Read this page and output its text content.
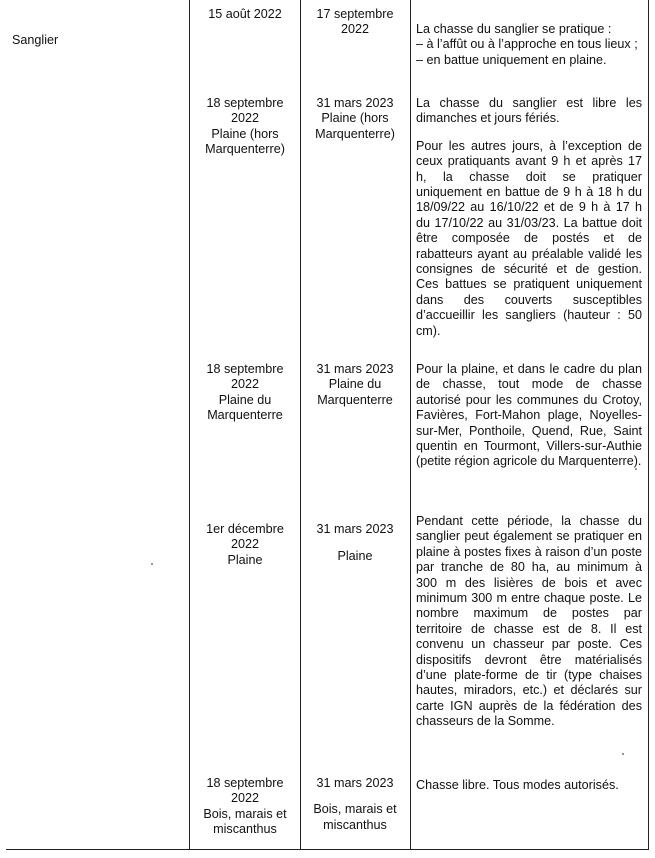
Sanglier
15 août 2022	17 septembre
2022	La chasse du sanglier se pratique :
– à l’affût ou à l’approche en tous lieux ;
– en battue uniquement en plaine.
18 septembre
2022
Plaine (hors
Marquenterre)
31 mars 2023
Plaine (hors
Marquenterre)

La chasse du sanglier est libre les dimanches et jours fériés.

Pour les autres jours, à l’exception de ceux pratiquants avant 9 h et après 17 h, la chasse doit se pratiquer uniquement en battue de 9 h à 18 h du 18/09/22 au 16/10/22 et de 9 h à 17 h du 17/10/22 au 31/03/23. La battue doit être composée de postés et de rabatteurs ayant au préalable validé les consignes de sécurité et de gestion. Ces battues se pratiquent uniquement dans des couverts susceptibles d’accueillir les sangliers (hauteur : 50 cm).

18 septembre
2022
Plaine du
Marquenterre
31 mars 2023
Plaine du
Marquenterre

Pour la plaine, et dans le cadre du plan de chasse, tout mode de chasse autorisé pour les communes du Crotoy, Favières, Fort-Mahon plage, Noyelles-sur-Mer, Ponthoile, Quend, Rue, Saint quentin en Tourmont, Villers-sur-Authie (petite région agricole du Marquenterre).

1er décembre
2022
Plaine
31 mars 2023
Plaine

Pendant cette période, la chasse du sanglier peut également se pratiquer en plaine à postes fixes à raison d’un poste par tranche de 80 ha, au minimum à 300 m des lisières de bois et avec minimum 300 m entre chaque poste. Le nombre maximum de postes par territoire de chasse est de 8. Il est convenu un chasseur par poste. Ces dispositifs devront être matérialisés d’une plate-forme de tir (type chaises hautes, miradors, etc.) et déclarés sur carte IGN auprès de la fédération des chasseurs de la Somme.

18 septembre
2022
Bois, marais et
miscanthus
31 mars 2023
Bois, marais et
miscanthus

Chasse libre. Tous modes autorisés.
